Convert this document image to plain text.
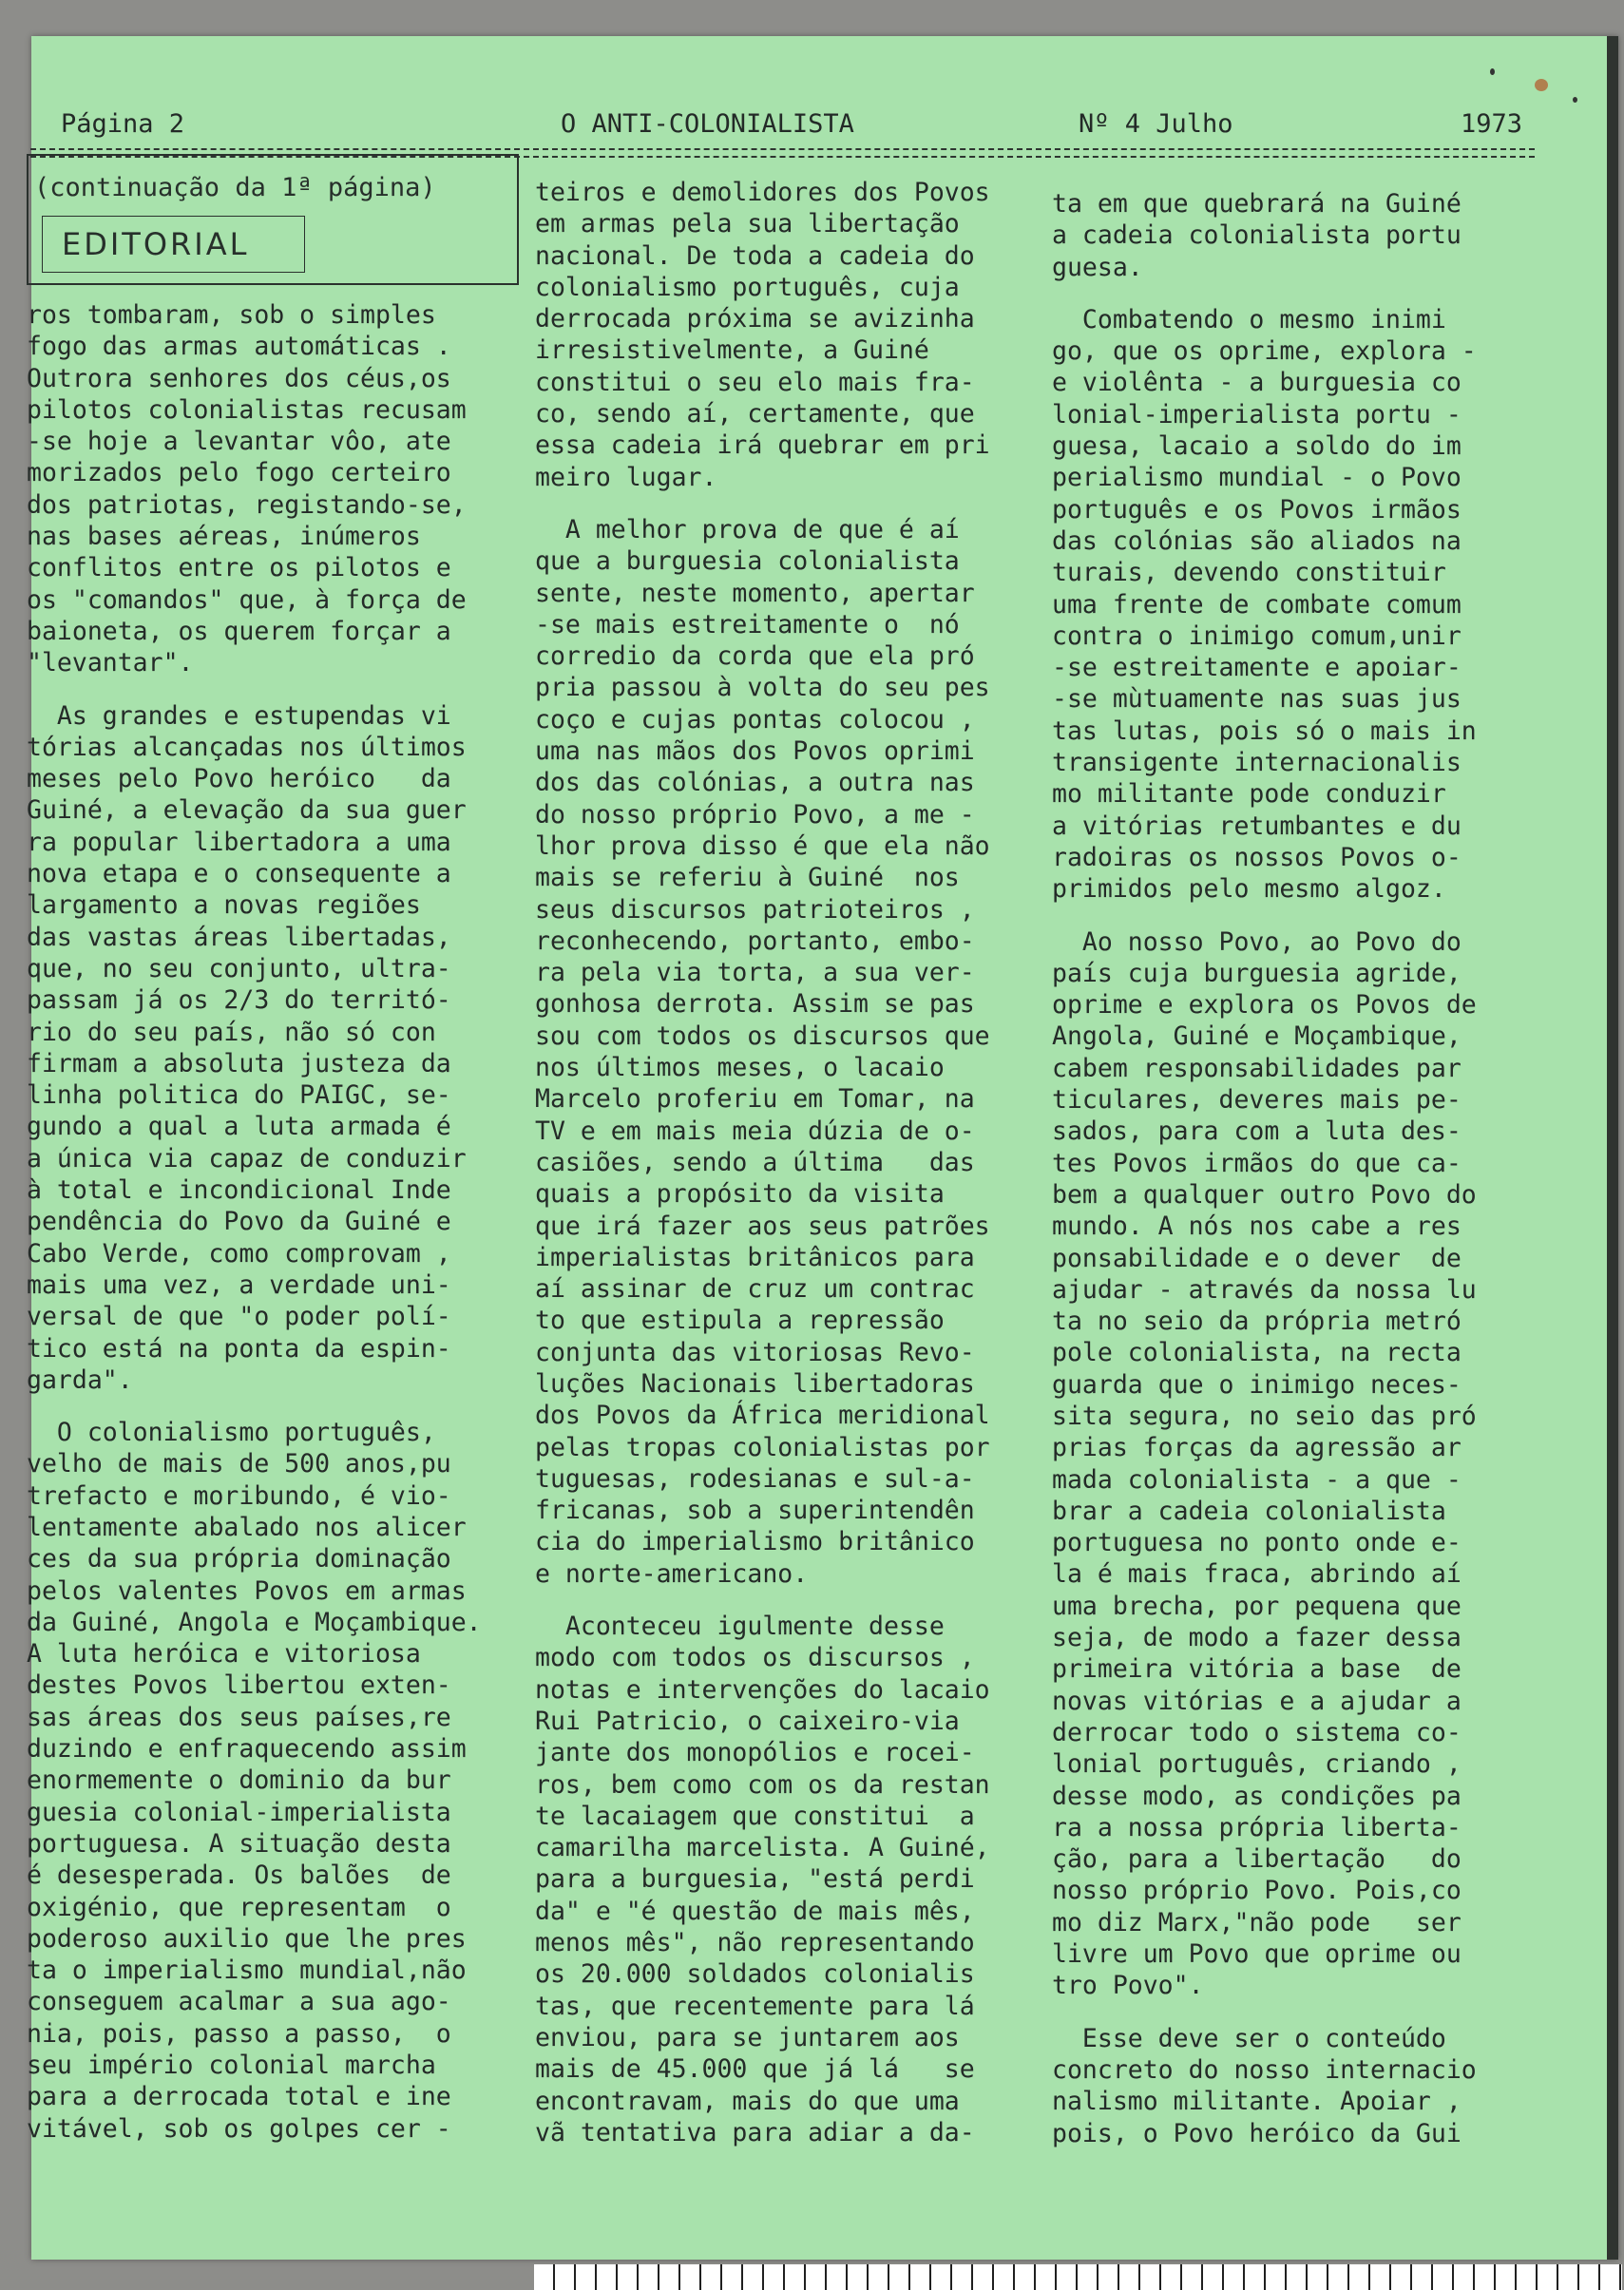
Página 2	O ANTI-COLONIALISTA	Nº 4 Julho	1973
(continuação da 1ª página)
EDITORIAL

ros tombaram, sob o simples

fogo das armas automáticas .

Outrora senhores dos céus,os

pilotos colonialistas recusam

-se hoje a levantar vôo, ate

morizados pelo fogo certeiro

dos patriotas, registando-se,

nas bases aéreas, inúmeros

conflitos entre os pilotos e

os "comandos" que, à força de

baioneta, os querem forçar a

"levantar".

As grandes e estupendas vi

tórias alcançadas nos últimos

meses pelo Povo heróico   da

Guiné, a elevação da sua guer

ra popular libertadora a uma

nova etapa e o consequente a

largamento a novas regiões

das vastas áreas libertadas,

que, no seu conjunto, ultra-

passam já os 2/3 do territó-

rio do seu país, não só con

firmam a absoluta justeza da

linha politica do PAIGC, se-

gundo a qual a luta armada é

a única via capaz de conduzir

à total e incondicional Inde

pendência do Povo da Guiné e

Cabo Verde, como comprovam ,

mais uma vez, a verdade uni-

versal de que "o poder polí-

tico está na ponta da espin-

garda".

O colonialismo português,

velho de mais de 500 anos,pu

trefacto e moribundo, é vio-

lentamente abalado nos alicer

ces da sua própria dominação

pelos valentes Povos em armas

da Guiné, Angola e Moçambique.

A luta heróica e vitoriosa

destes Povos libertou exten-

sas áreas dos seus países,re

duzindo e enfraquecendo assim

enormemente o dominio da bur

guesia colonial-imperialista

portuguesa. A situação desta

é desesperada. Os balões  de

oxigénio, que representam  o

poderoso auxilio que lhe pres

ta o imperialismo mundial,não

conseguem acalmar a sua ago-

nia, pois, passo a passo,  o

seu império colonial marcha

para a derrocada total e ine

vitável, sob os golpes cer -

teiros e demolidores dos Povos

em armas pela sua libertação

nacional. De toda a cadeia do

colonialismo português, cuja

derrocada próxima se avizinha

irresistivelmente, a Guiné

constitui o seu elo mais fra-

co, sendo aí, certamente, que

essa cadeia irá quebrar em pri

meiro lugar.

A melhor prova de que é aí

que a burguesia colonialista

sente, neste momento, apertar

-se mais estreitamente o  nó

corredio da corda que ela pró

pria passou à volta do seu pes

coço e cujas pontas colocou ,

uma nas mãos dos Povos oprimi

dos das colónias, a outra nas

do nosso próprio Povo, a me -

lhor prova disso é que ela não

mais se referiu à Guiné  nos

seus discursos patrioteiros ,

reconhecendo, portanto, embo-

ra pela via torta, a sua ver-

gonhosa derrota. Assim se pas

sou com todos os discursos que

nos últimos meses, o lacaio

Marcelo proferiu em Tomar, na

TV e em mais meia dúzia de o-

casiões, sendo a última   das

quais a propósito da visita

que irá fazer aos seus patrões

imperialistas britânicos para

aí assinar de cruz um contrac

to que estipula a repressão

conjunta das vitoriosas Revo-

luções Nacionais libertadoras

dos Povos da África meridional

pelas tropas colonialistas por

tuguesas, rodesianas e sul-a-

fricanas, sob a superintendên

cia do imperialismo britânico

e norte-americano.

Aconteceu igulmente desse

modo com todos os discursos ,

notas e intervenções do lacaio

Rui Patricio, o caixeiro-via

jante dos monopólios e rocei-

ros, bem como com os da restan

te lacaiagem que constitui  a

camarilha marcelista. A Guiné,

para a burguesia, "está perdi

da" e "é questão de mais mês,

menos mês", não representando

os 20.000 soldados colonialis

tas, que recentemente para lá

enviou, para se juntarem aos

mais de 45.000 que já lá   se

encontravam, mais do que uma

vã tentativa para adiar a da-

ta em que quebrará na Guiné

a cadeia colonialista portu

guesa.

Combatendo o mesmo inimi

go, que os oprime, explora -

e violênta - a burguesia co

lonial-imperialista portu -

guesa, lacaio a soldo do im

perialismo mundial - o Povo

português e os Povos irmãos

das colónias são aliados na

turais, devendo constituir

uma frente de combate comum

contra o inimigo comum,unir

-se estreitamente e apoiar-

-se mùtuamente nas suas jus

tas lutas, pois só o mais in

transigente internacionalis

mo militante pode conduzir

a vitórias retumbantes e du

radoiras os nossos Povos o-

primidos pelo mesmo algoz.

Ao nosso Povo, ao Povo do

país cuja burguesia agride,

oprime e explora os Povos de

Angola, Guiné e Moçambique,

cabem responsabilidades par

ticulares, deveres mais pe-

sados, para com a luta des-

tes Povos irmãos do que ca-

bem a qualquer outro Povo do

mundo. A nós nos cabe a res

ponsabilidade e o dever  de

ajudar - através da nossa lu

ta no seio da própria metró

pole colonialista, na recta

guarda que o inimigo neces-

sita segura, no seio das pró

prias forças da agressão ar

mada colonialista - a que -

brar a cadeia colonialista

portuguesa no ponto onde e-

la é mais fraca, abrindo aí

uma brecha, por pequena que

seja, de modo a fazer dessa

primeira vitória a base  de

novas vitórias e a ajudar a

derrocar todo o sistema co-

lonial português, criando ,

desse modo, as condições pa

ra a nossa própria liberta-

ção, para a libertação   do

nosso próprio Povo. Pois,co

mo diz Marx,"não pode   ser

livre um Povo que oprime ou

tro Povo".

Esse deve ser o conteúdo

concreto do nosso internacio

nalismo militante. Apoiar ,

pois, o Povo heróico da Gui
